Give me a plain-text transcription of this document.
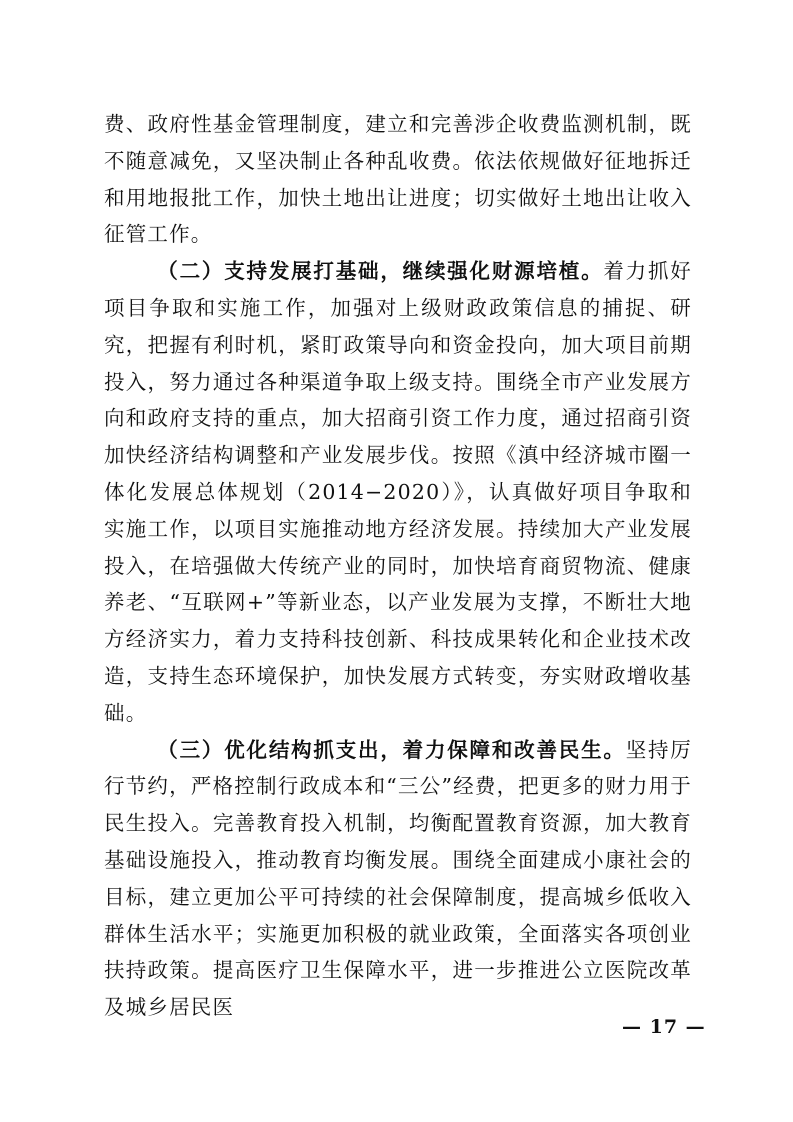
费、政府性基金管理制度，建立和完善涉企收费监测机制，既不随意减免，又坚决制止各种乱收费。依法依规做好征地拆迁和用地报批工作，加快土地出让进度；切实做好土地出让收入征管工作。

（二）支持发展打基础，继续强化财源培植。着力抓好项目争取和实施工作，加强对上级财政政策信息的捕捉、研究，把握有利时机，紧盯政策导向和资金投向，加大项目前期投入，努力通过各种渠道争取上级支持。围绕全市产业发展方向和政府支持的重点，加大招商引资工作力度，通过招商引资加快经济结构调整和产业发展步伐。按照《滇中经济城市圈一体化发展总体规划（2014−2020）》，认真做好项目争取和实施工作，以项目实施推动地方经济发展。持续加大产业发展投入，在培强做大传统产业的同时，加快培育商贸物流、健康养老、“互联网+”等新业态，以产业发展为支撑，不断壮大地方经济实力，着力支持科技创新、科技成果转化和企业技术改造，支持生态环境保护，加快发展方式转变，夯实财政增收基础。

（三）优化结构抓支出，着力保障和改善民生。坚持厉行节约，严格控制行政成本和“三公”经费，把更多的财力用于民生投入。完善教育投入机制，均衡配置教育资源，加大教育基础设施投入，推动教育均衡发展。围绕全面建成小康社会的目标，建立更加公平可持续的社会保障制度，提高城乡低收入群体生活水平；实施更加积极的就业政策，全面落实各项创业扶持政策。提高医疗卫生保障水平，进一步推进公立医院改革及城乡居民医

— 17 —
